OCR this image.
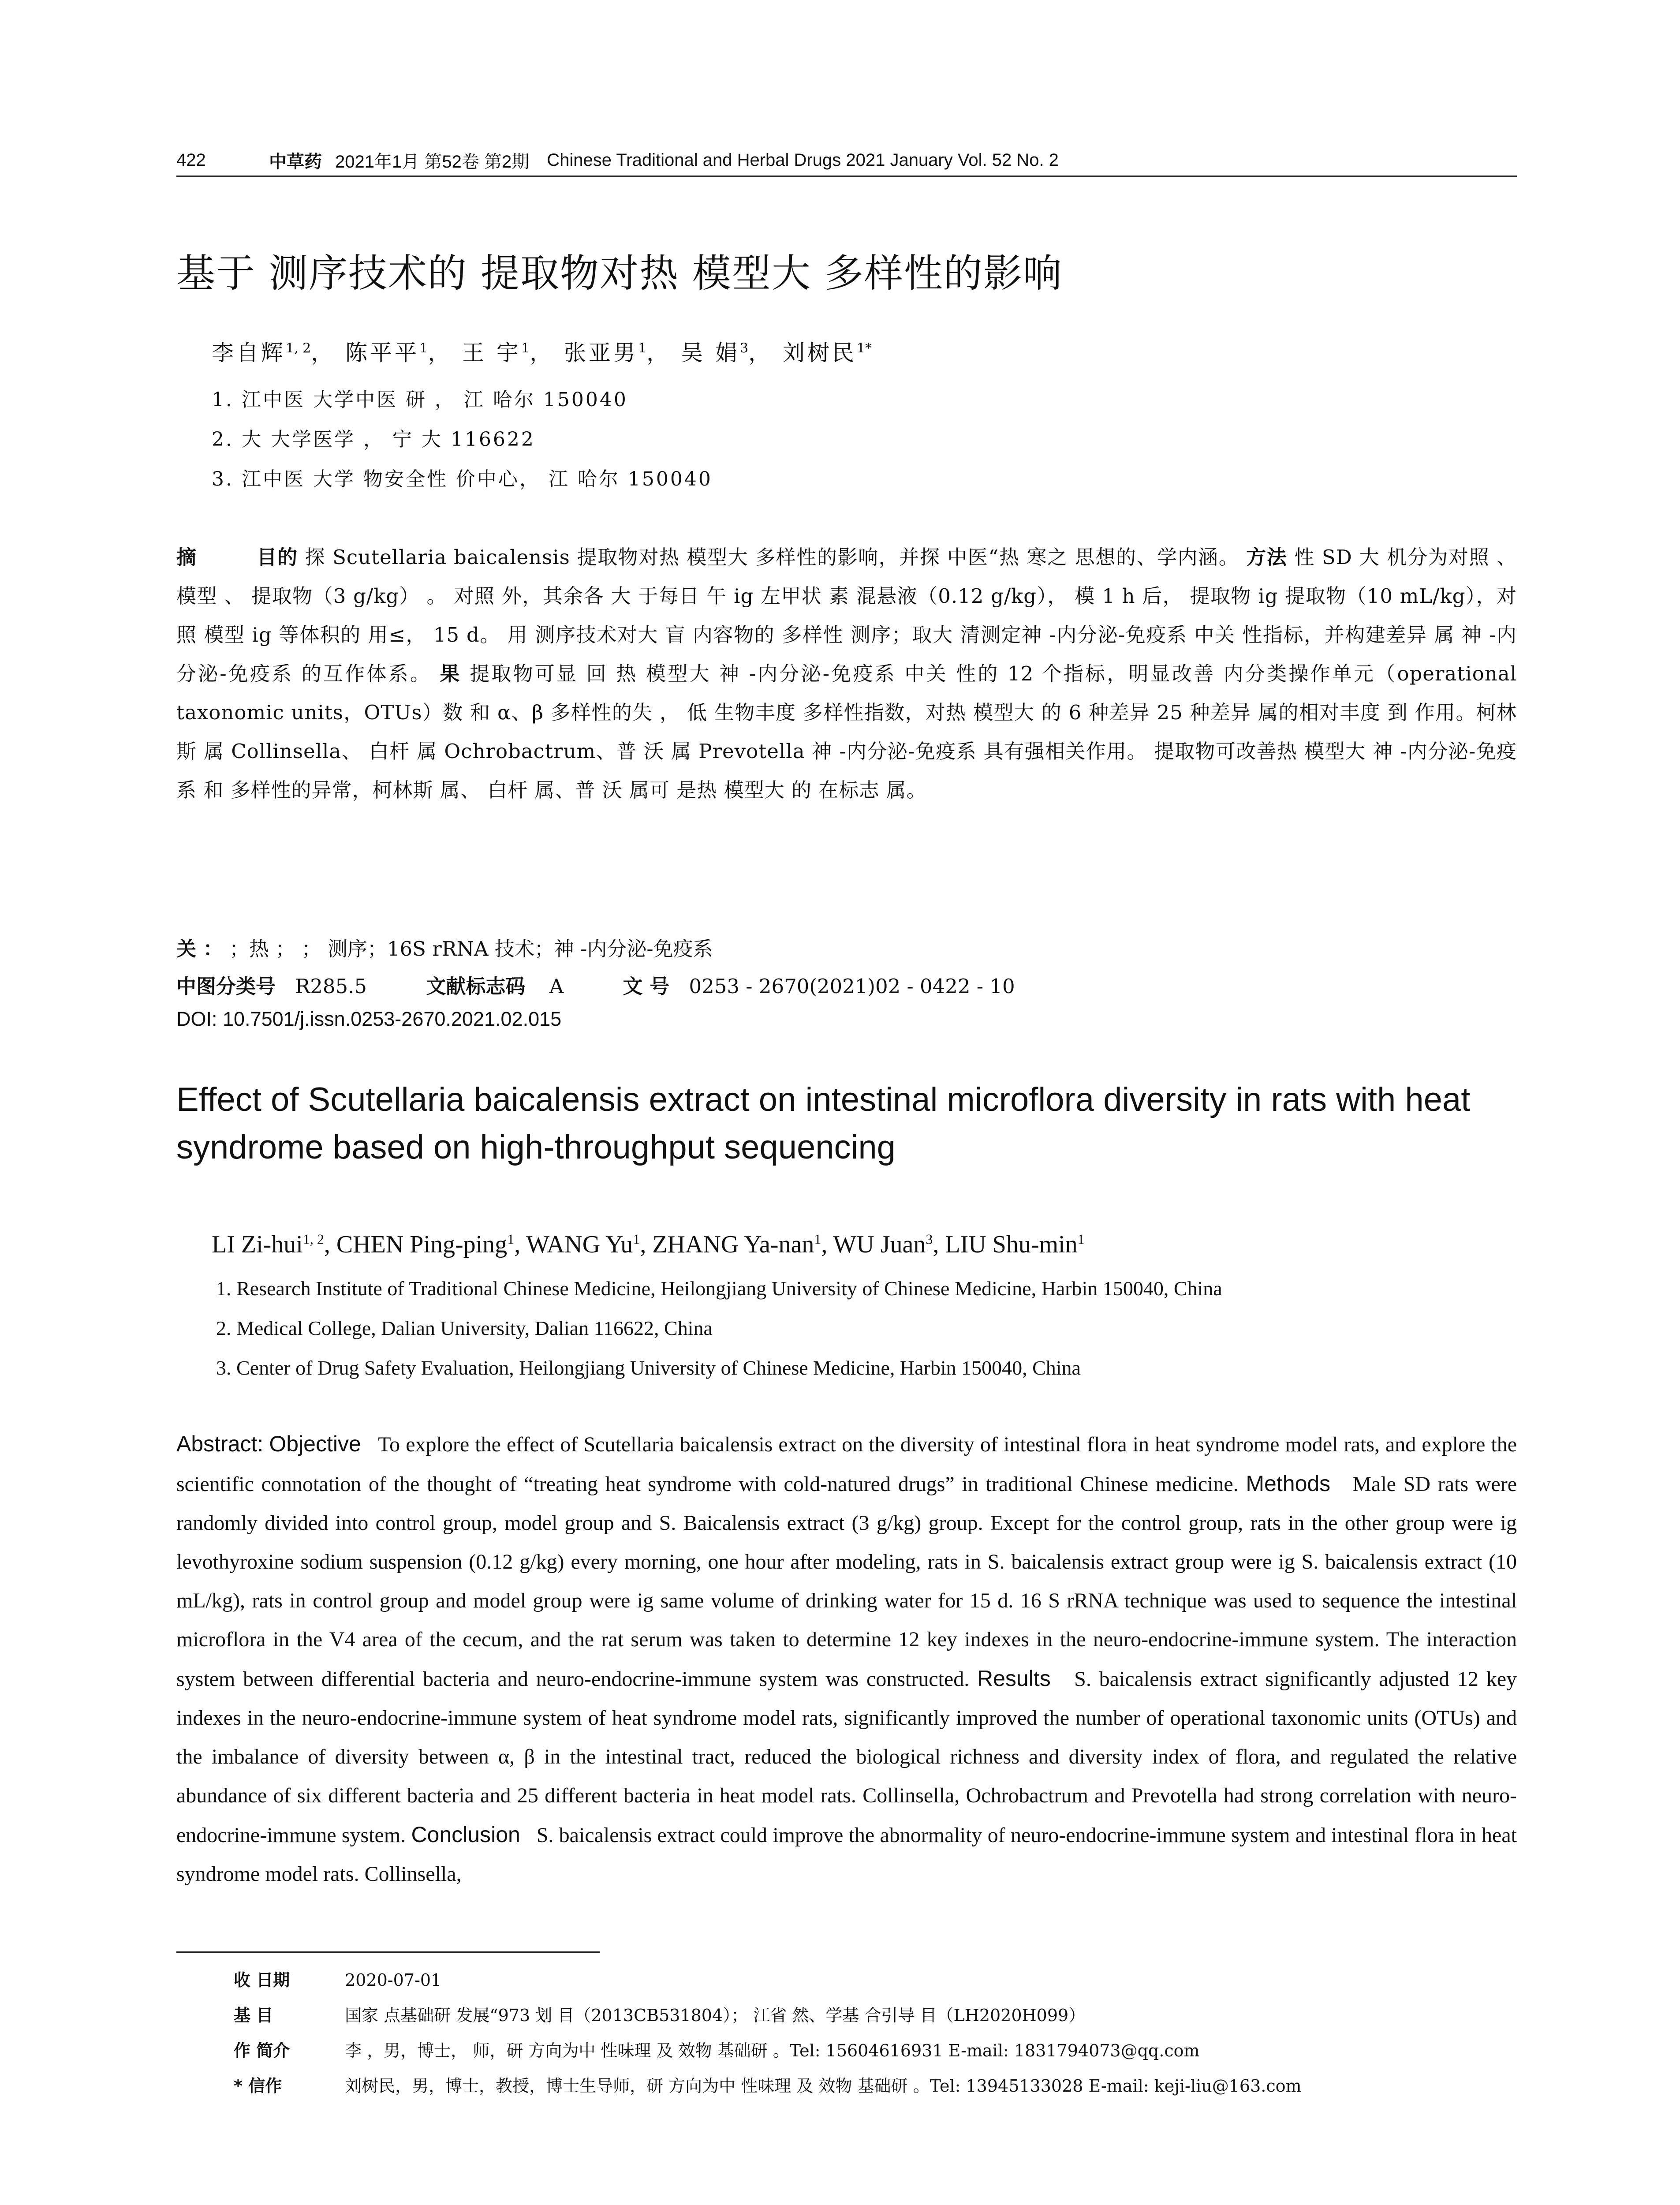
422	中草药 2021年1月 第52卷 第2期 Chinese Traditional and Herbal Drugs 2021 January Vol. 52 No. 2
基于 测序技术的 提取物对热 模型大 多样性的影响
李自辉$^{1, 2}$， 陈平平$^1$， 王 宇$^1$， 张亚男$^1$， 吴 娟$^3$， 刘树民$^{1*}$
1. 江中医 大学中医 研 ， 江 哈尔 150040
2. 大 大学医学 ， 宁 大 116622
3. 江中医 大学 物安全性 价中心， 江 哈尔 150040
摘	目的 探 Scutellaria baicalensis 提取物对热 模型大 多样性的影响，并探 中医“热 寒之 思想的、学内涵。 方法 性 SD 大 机分为对照 、模型 、 提取物（3 g/kg） 。 对照 外，其余各 大 于每日 午 ig 左甲状 素 混悬液（0.12 g/kg）， 模 1 h 后， 提取物 ig 提取物（10 mL/kg），对照 模型 ig 等体积的 用≤， 15 d。 用 测序技术对大 盲 内容物的 多样性 测序；取大 清测定神 -内分泌-免疫系 中关 性指标，并构建差异 属 神 -内分泌-免疫系 的互作体系。 果 提取物可显 回 热 模型大 神 -内分泌-免疫系 中关 性的 12 个指标，明显改善 内分类操作单元（operational taxonomic units，OTUs）数 和 α、β 多样性的失 ， 低 生物丰度 多样性指数，对热 模型大 的 6 种差异 25 种差异 属的相对丰度 到 作用。柯林斯 属 Collinsella、 白杆 属 Ochrobactrum、普 沃 属 Prevotella 神 -内分泌-免疫系 具有强相关作用。 提取物可改善热 模型大 神 -内分泌-免疫系 和 多样性的异常，柯林斯 属、 白杆 属、普 沃 属可 是热 模型大 的 在标志 属。
关 ： ；热 ； ； 测序；16S rRNA 技术；神 -内分泌-免疫系
中图分类号 R285.5	文献标志码 A	文 号 0253 - 2670(2021)02 - 0422 - 10
DOI: 10.7501/j.issn.0253-2670.2021.02.015
Effect of Scutellaria baicalensis extract on intestinal microflora diversity in rats with heat syndrome based on high-throughput sequencing
LI Zi-hui$^{1, 2}$, CHEN Ping-ping$^1$, WANG Yu$^1$, ZHANG Ya-nan$^1$, WU Juan$^3$, LIU Shu-$\min^1$
1. Research Institute of Traditional Chinese Medicine, Heilongjiang University of Chinese Medicine, Harbin 150040, China
2. Medical College, Dalian University, Dalian 116622, China
3. Center of Drug Safety Evaluation, Heilongjiang University of Chinese Medicine, Harbin 150040, China
Abstract: Objective To explore the effect of Scutellaria baicalensis extract on the diversity of intestinal flora in heat syndrome model rats, and explore the scientific connotation of the thought of “treating heat syndrome with cold-natured drugs” in traditional Chinese medicine. Methods Male SD rats were randomly divided into control group, model group and S. Baicalensis extract (3 g/kg) group. Except for the control group, rats in the other group were ig levothyroxine sodium suspension (0.12 g/kg) every morning, one hour after modeling, rats in S. baicalensis extract group were ig S. baicalensis extract (10 mL/kg), rats in control group and model group were ig same volume of drinking water for 15 d. 16 S rRNA technique was used to sequence the intestinal microflora in the V4 area of the cecum, and the rat serum was taken to determine 12 key indexes in the neuro-endocrine-immune system. The interaction system between differential bacteria and neuro-endocrine-immune system was constructed. Results S. baicalensis extract significantly adjusted 12 key indexes in the neuro-endocrine-immune system of heat syndrome model rats, significantly improved the number of operational taxonomic units (OTUs) and the imbalance of diversity between α, β in the intestinal tract, reduced the biological richness and diversity index of flora, and regulated the relative abundance of six different bacteria and 25 different bacteria in heat model rats. Collinsella, Ochrobactrum and Prevotella had strong correlation with neuro-endocrine-immune system. Conclusion S. baicalensis extract could improve the abnormality of neuro-endocrine-immune system and intestinal flora in heat syndrome model rats. Collinsella,
收 日期	2020-07-01
基 目	国家 点基础研 发展“973 划 目（2013CB531804）； 江省 然、学基 合引导 目（LH2020H099）
作 简介	李 ，男，博士， 师，研 方向为中 性味理 及 效物 基础研 。Tel: 15604616931 E-mail: 1831794073@qq.com
* 信作	刘树民，男，博士，教授，博士生导师，研 方向为中 性味理 及 效物 基础研 。Tel: 13945133028 E-mail: keji-liu@163.com
